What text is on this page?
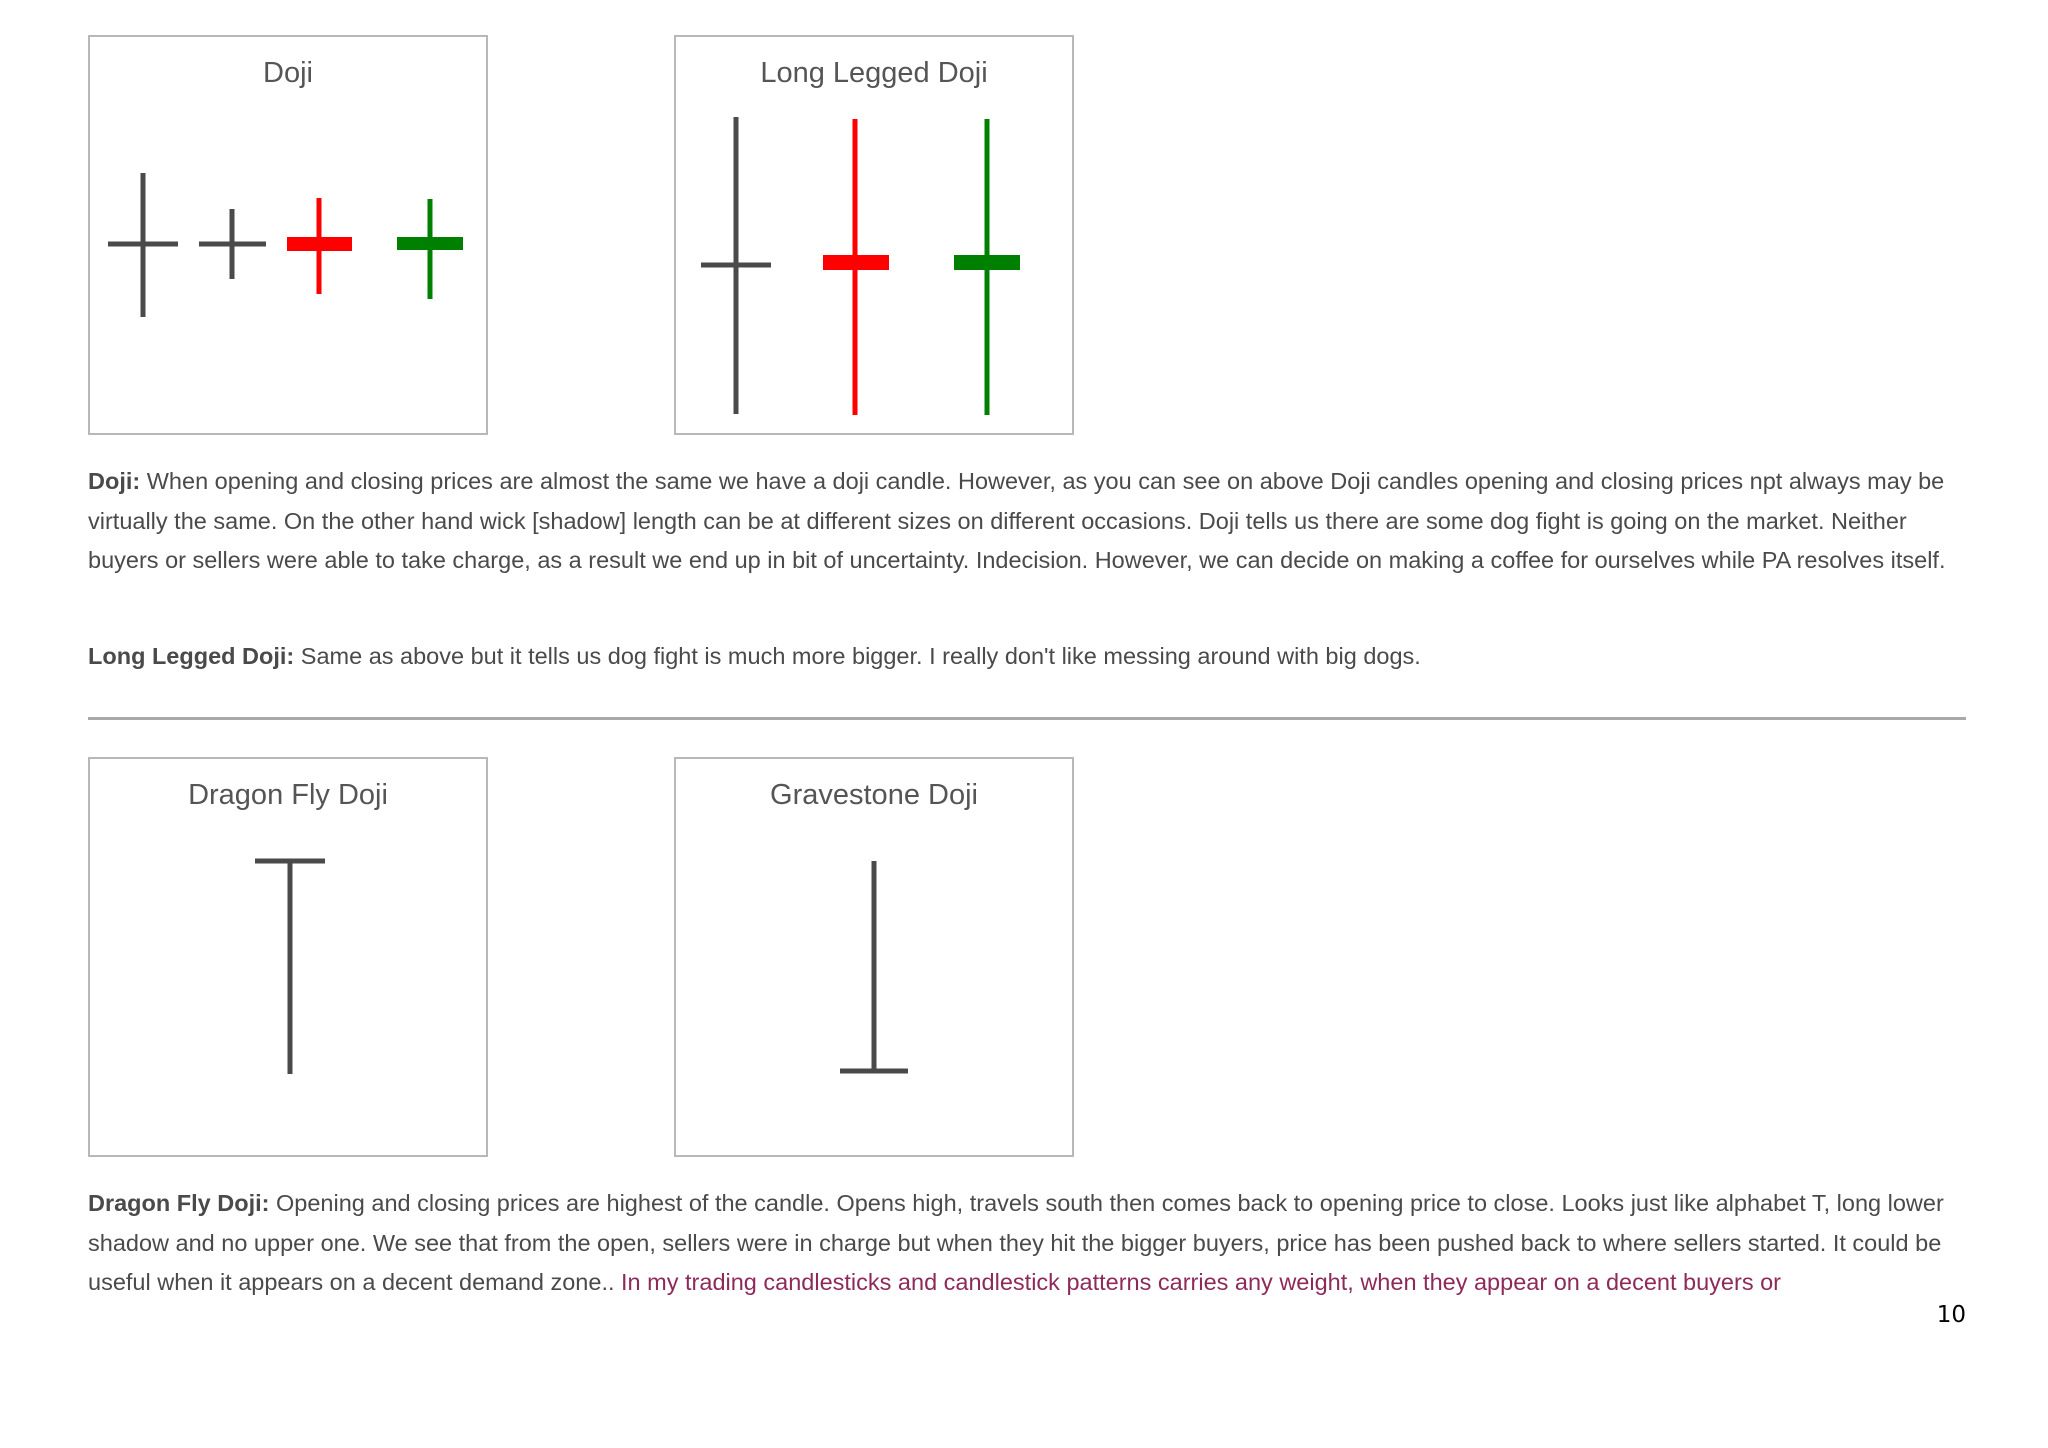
Doji	Long Legged Doji

Doji: When opening and closing prices are almost the same we have a doji candle. However, as you can see on above Doji candles opening and closing prices npt always may be virtually the same. On the other hand wick [shadow] length can be at different sizes on different occasions. Doji tells us there are some dog fight is going on the market. Neither buyers or sellers were able to take charge, as a result we end up in bit of uncertainty. Indecision. However, we can decide on making a coffee for ourselves while PA resolves itself.

Long Legged Doji: Same as above but it tells us dog fight is much more bigger. I really don't like messing around with big dogs.

Dragon Fly Doji	Gravestone Doji

Dragon Fly Doji: Opening and closing prices are highest of the candle. Opens high, travels south then comes back to opening price to close. Looks just like alphabet T, long lower shadow and no upper one. We see that from the open, sellers were in charge but when they hit the bigger buyers, price has been pushed back to where sellers started. It could be useful when it appears on a decent demand zone.. In my trading candlesticks and candlestick patterns carries any weight, when they appear on a decent buyers or

10
